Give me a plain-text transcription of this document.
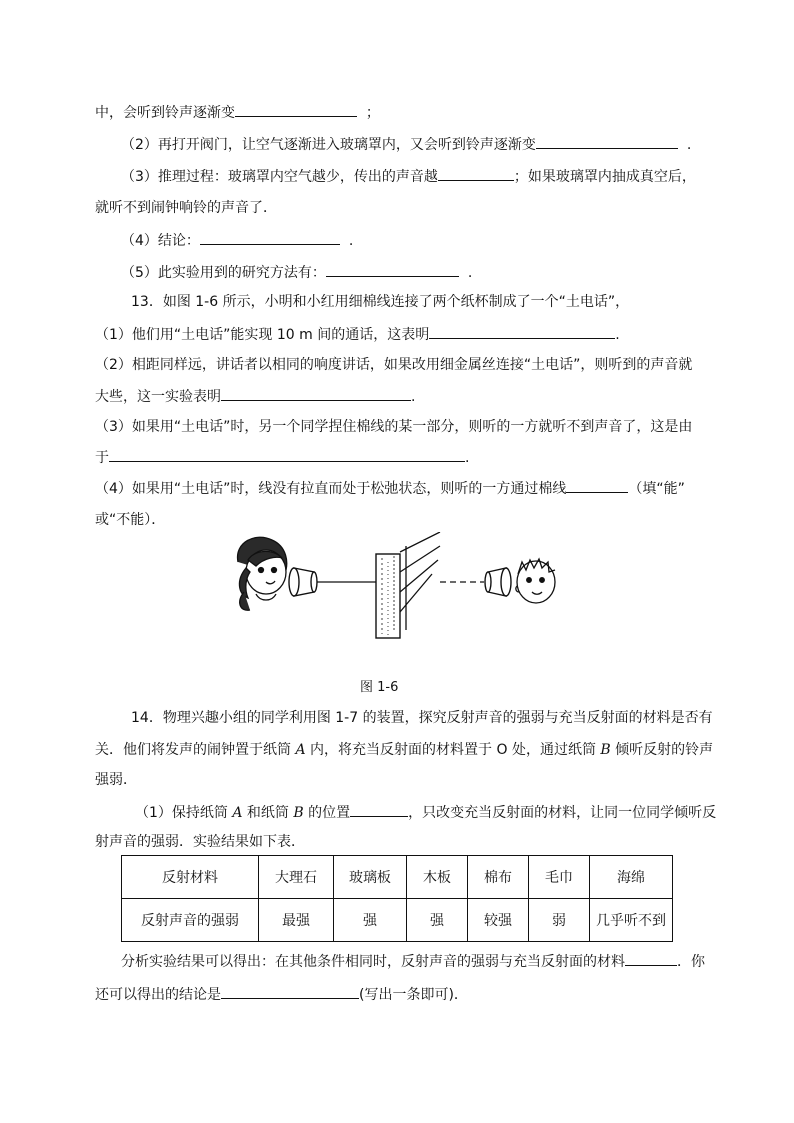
中，会听到铃声逐渐变	；
（2）再打开阀门，让空气逐渐进入玻璃罩内，又会听到铃声逐渐变	.
（3）推理过程：玻璃罩内空气越少，传出的声音越	；如果玻璃罩内抽成真空后，
就听不到闹钟响铃的声音了．
（4）结论：	.
（5）此实验用到的研究方法有：	.
13．如图 1-6 所示，小明和小红用细棉线连接了两个纸杯制成了一个“土电话”，
（1）他们用“土电话”能实现 10 m 间的通话，这表明	.
（2）相距同样远，讲话者以相同的响度讲话，如果改用细金属丝连接“土电话”，则听到的声音就
大些，这一实验表明	.
（3）如果用“土电话”时，另一个同学捏住棉线的某一部分，则听的一方就听不到声音了，这是由
于	.
（4）如果用“土电话”时，线没有拉直而处于松弛状态，则听的一方通过棉线	（填“能”
或“不能）．
图 1-6
14．物理兴趣小组的同学利用图 1-7 的装置，探究反射声音的强弱与充当反射面的材料是否有
关．他们将发声的闹钟置于纸筒 A 内，将充当反射面的材料置于 O 处，通过纸筒 B 倾听反射的铃声
强弱．
（1）保持纸筒 A 和纸筒 B 的位置	，只改变充当反射面的材料，让同一位同学倾听反
射声音的强弱．实验结果如下表．
反射材料	大理石	玻璃板	木板	棉布	毛巾	海绵
反射声音的强弱	最强	强	强	较强	弱	几乎听不到
分析实验结果可以得出：在其他条件相同时，反射声音的强弱与充当反射面的材料	．你
还可以得出的结论是	(写出一条即可)．
